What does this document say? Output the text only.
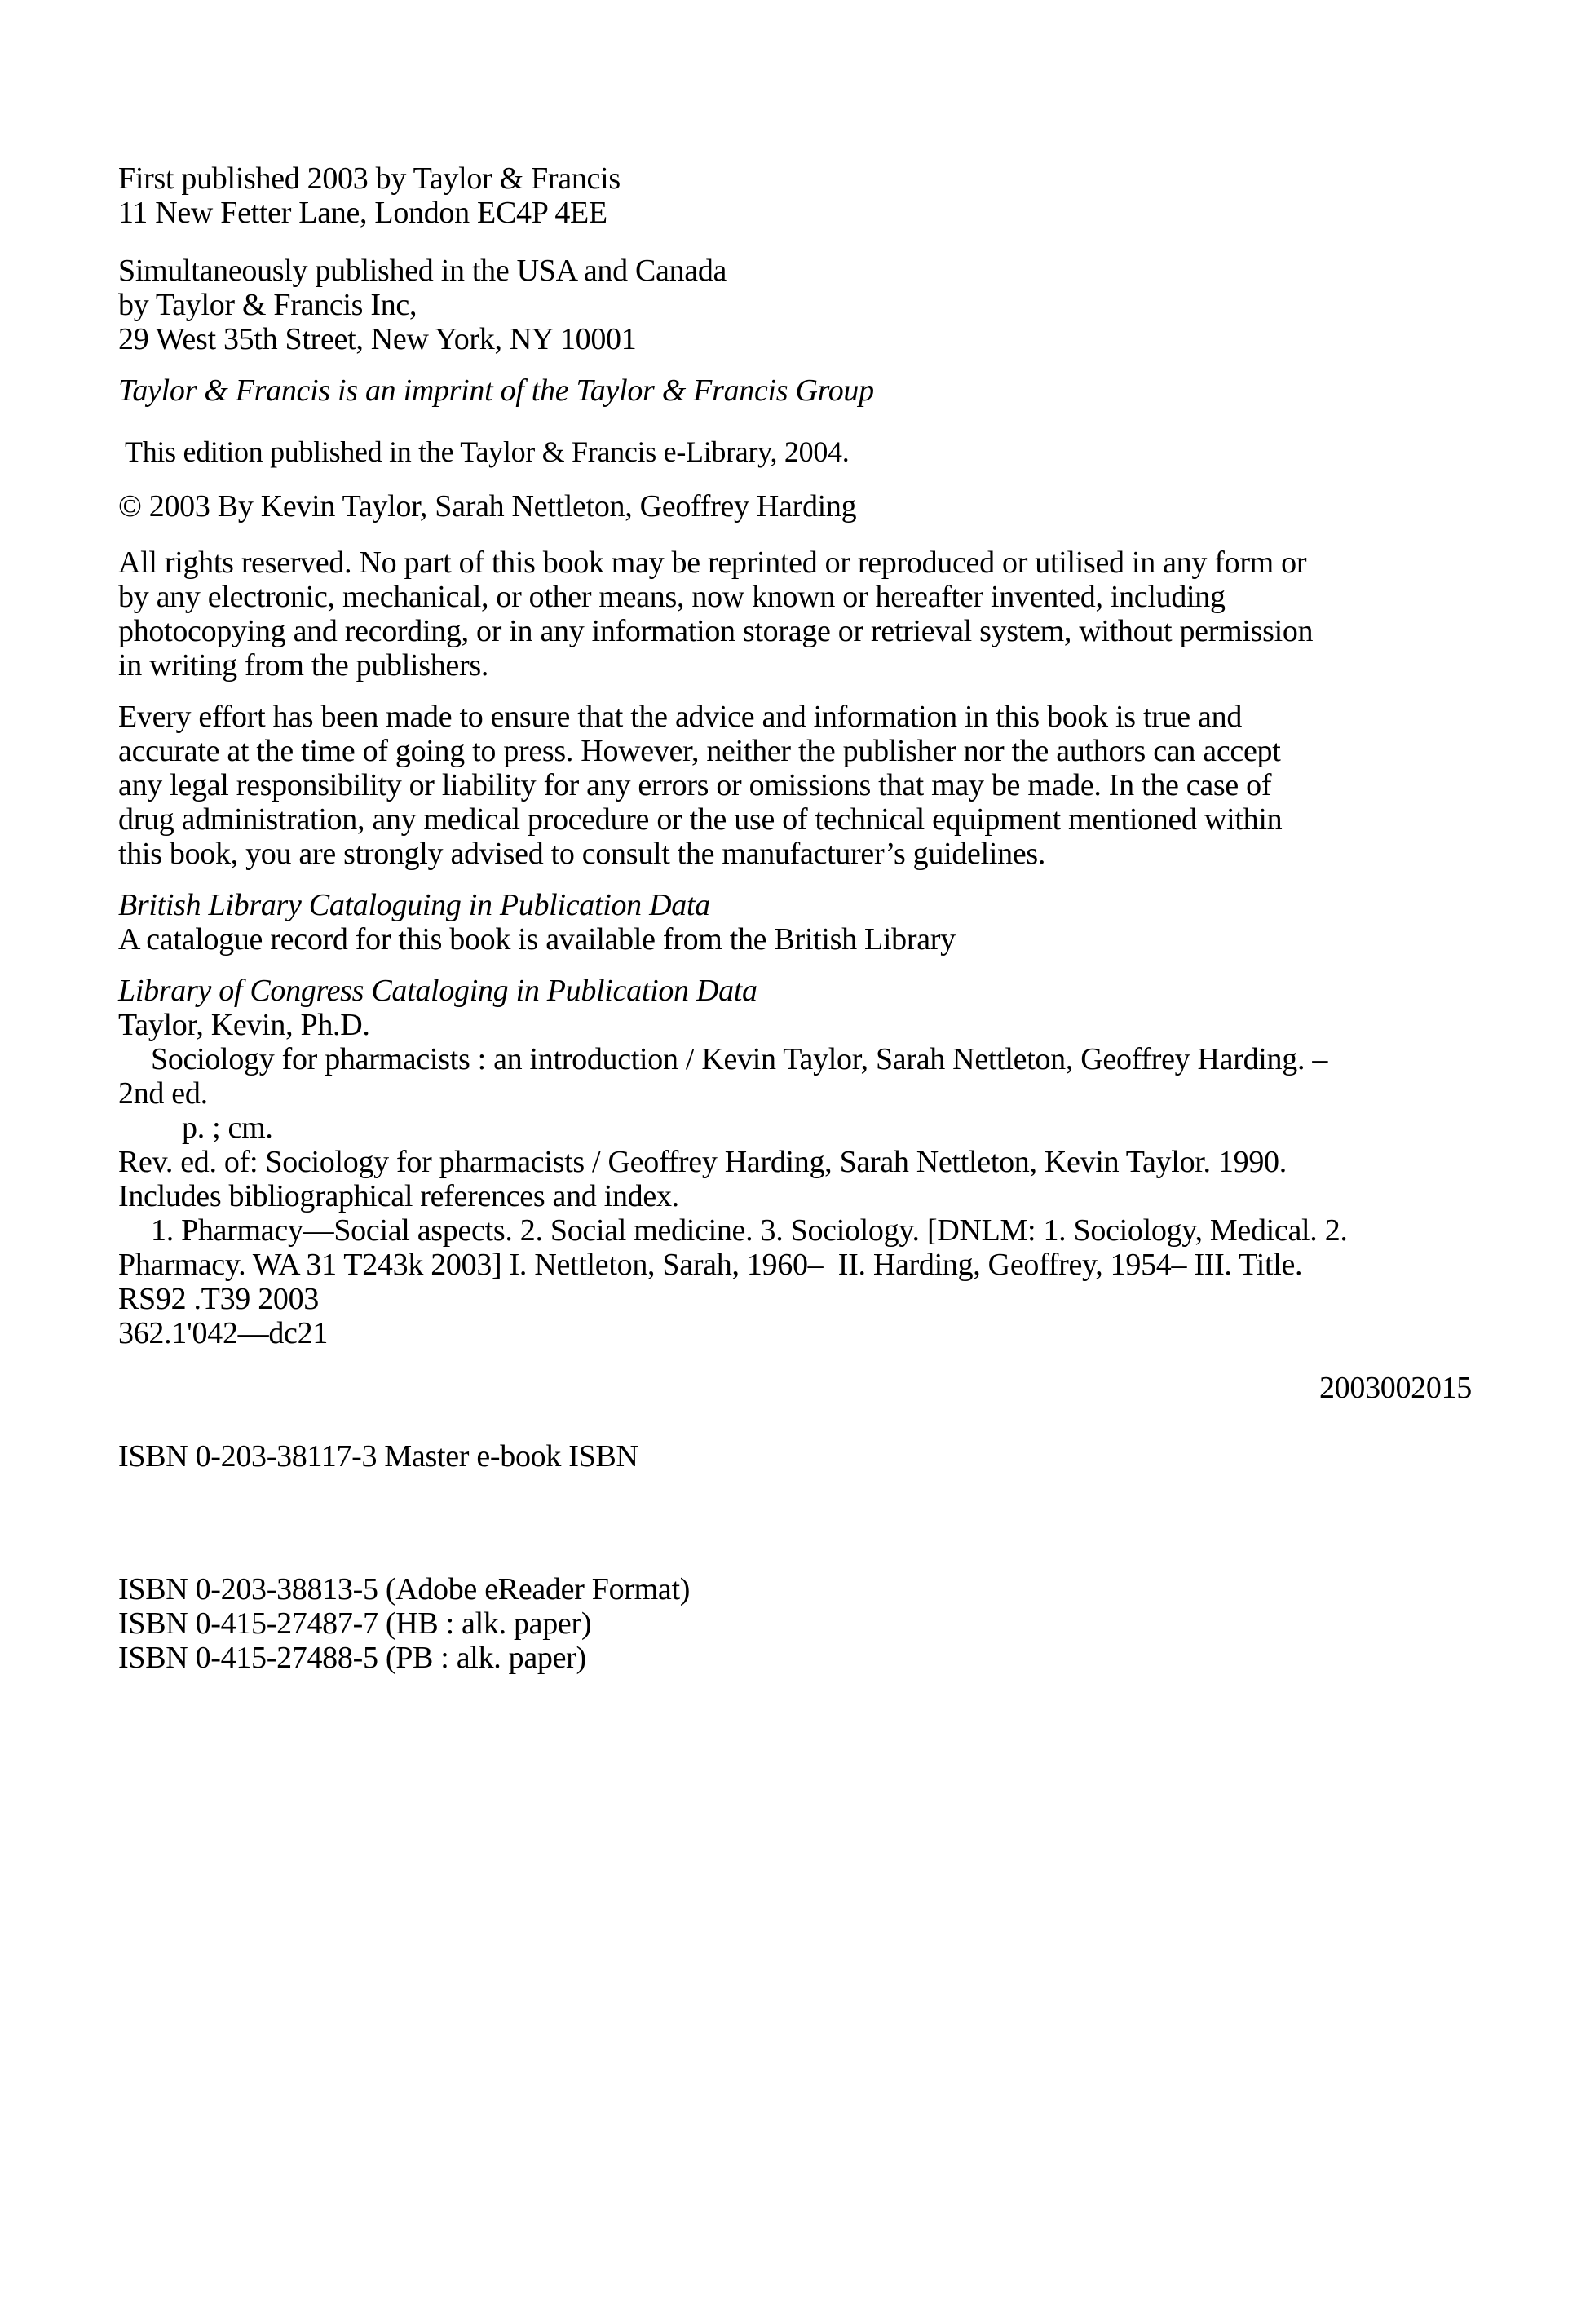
First published 2003 by Taylor & Francis
11 New Fetter Lane, London EC4P 4EE
Simultaneously published in the USA and Canada
by Taylor & Francis Inc,
29 West 35th Street, New York, NY 10001
Taylor & Francis is an imprint of the Taylor & Francis Group
This edition published in the Taylor & Francis e-Library, 2004.
© 2003 By Kevin Taylor, Sarah Nettleton, Geoffrey Harding
All rights reserved. No part of this book may be reprinted or reproduced or utilised in any form or
by any electronic, mechanical, or other means, now known or hereafter invented, including
photocopying and recording, or in any information storage or retrieval system, without permission
in writing from the publishers.
Every effort has been made to ensure that the advice and information in this book is true and
accurate at the time of going to press. However, neither the publisher nor the authors can accept
any legal responsibility or liability for any errors or omissions that may be made. In the case of
drug administration, any medical procedure or the use of technical equipment mentioned within
this book, you are strongly advised to consult the manufacturer’s guidelines.
British Library Cataloguing in Publication Data
A catalogue record for this book is available from the British Library
Library of Congress Cataloging in Publication Data
Taylor, Kevin, Ph.D.
Sociology for pharmacists : an introduction / Kevin Taylor, Sarah Nettleton, Geoffrey Harding. –
2nd ed.
p. ; cm.
Rev. ed. of: Sociology for pharmacists / Geoffrey Harding, Sarah Nettleton, Kevin Taylor. 1990.
Includes bibliographical references and index.
1. Pharmacy—Social aspects. 2. Social medicine. 3. Sociology. [DNLM: 1. Sociology, Medical. 2.
Pharmacy. WA 31 T243k 2003] I. Nettleton, Sarah, 1960–  II. Harding, Geoffrey, 1954– III. Title.
RS92 .T39 2003
362.1'042—dc21
2003002015
ISBN 0-203-38117-3 Master e-book ISBN
ISBN 0-203-38813-5 (Adobe eReader Format)
ISBN 0-415-27487-7 (HB : alk. paper)
ISBN 0-415-27488-5 (PB : alk. paper)
